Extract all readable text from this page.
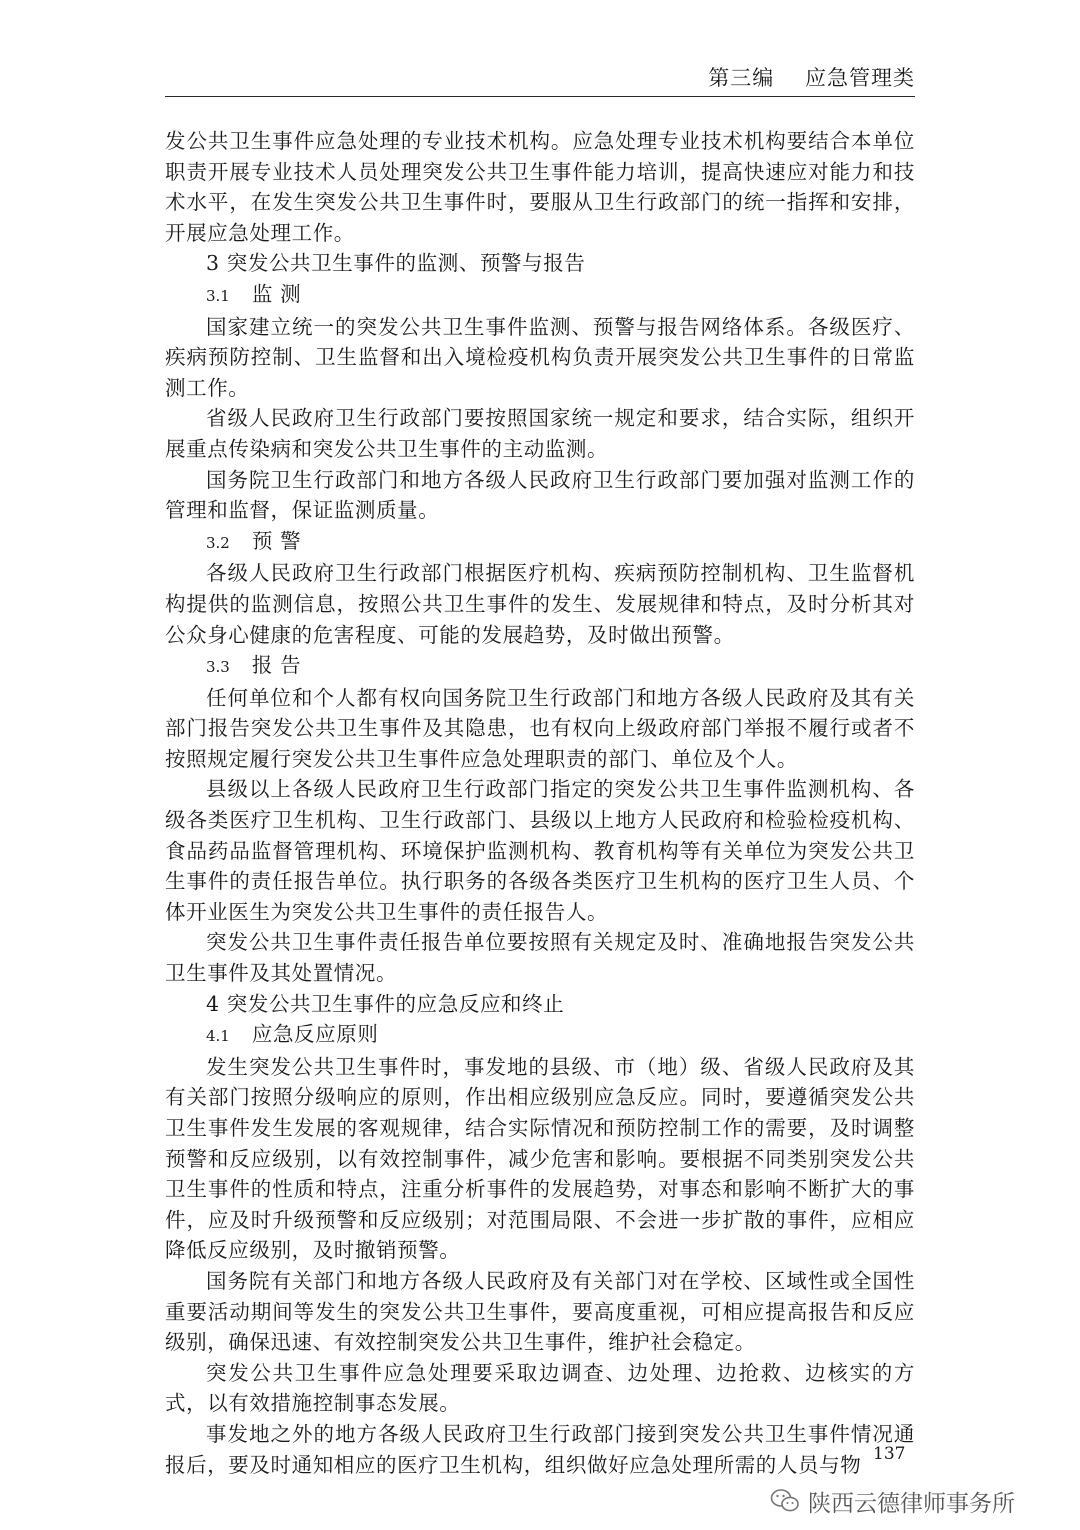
第三编    应急管理类

发公共卫生事件应急处理的专业技术机构。应急处理专业技术机构要结合本单位职责开展专业技术人员处理突发公共卫生事件能力培训，提高快速应对能力和技术水平，在发生突发公共卫生事件时，要服从卫生行政部门的统一指挥和安排，开展应急处理工作。

3 突发公共卫生事件的监测、预警与报告

3.1 监 测

国家建立统一的突发公共卫生事件监测、预警与报告网络体系。各级医疗、疾病预防控制、卫生监督和出入境检疫机构负责开展突发公共卫生事件的日常监测工作。

省级人民政府卫生行政部门要按照国家统一规定和要求，结合实际，组织开展重点传染病和突发公共卫生事件的主动监测。

国务院卫生行政部门和地方各级人民政府卫生行政部门要加强对监测工作的管理和监督，保证监测质量。

3.2 预 警

各级人民政府卫生行政部门根据医疗机构、疾病预防控制机构、卫生监督机构提供的监测信息，按照公共卫生事件的发生、发展规律和特点，及时分析其对公众身心健康的危害程度、可能的发展趋势，及时做出预警。

3.3 报 告

任何单位和个人都有权向国务院卫生行政部门和地方各级人民政府及其有关部门报告突发公共卫生事件及其隐患，也有权向上级政府部门举报不履行或者不按照规定履行突发公共卫生事件应急处理职责的部门、单位及个人。

县级以上各级人民政府卫生行政部门指定的突发公共卫生事件监测机构、各级各类医疗卫生机构、卫生行政部门、县级以上地方人民政府和检验检疫机构、食品药品监督管理机构、环境保护监测机构、教育机构等有关单位为突发公共卫生事件的责任报告单位。执行职务的各级各类医疗卫生机构的医疗卫生人员、个体开业医生为突发公共卫生事件的责任报告人。

突发公共卫生事件责任报告单位要按照有关规定及时、准确地报告突发公共卫生事件及其处置情况。

4 突发公共卫生事件的应急反应和终止

4.1 应急反应原则

发生突发公共卫生事件时，事发地的县级、市（地）级、省级人民政府及其有关部门按照分级响应的原则，作出相应级别应急反应。同时，要遵循突发公共卫生事件发生发展的客观规律，结合实际情况和预防控制工作的需要，及时调整预警和反应级别，以有效控制事件，减少危害和影响。要根据不同类别突发公共卫生事件的性质和特点，注重分析事件的发展趋势，对事态和影响不断扩大的事件，应及时升级预警和反应级别；对范围局限、不会进一步扩散的事件，应相应降低反应级别，及时撤销预警。

国务院有关部门和地方各级人民政府及有关部门对在学校、区域性或全国性重要活动期间等发生的突发公共卫生事件，要高度重视，可相应提高报告和反应级别，确保迅速、有效控制突发公共卫生事件，维护社会稳定。

突发公共卫生事件应急处理要采取边调查、边处理、边抢救、边核实的方式，以有效措施控制事态发展。

事发地之外的地方各级人民政府卫生行政部门接到突发公共卫生事件情况通报后，要及时通知相应的医疗卫生机构，组织做好应急处理所需的人员与物 137
陕西云德律师事务所
